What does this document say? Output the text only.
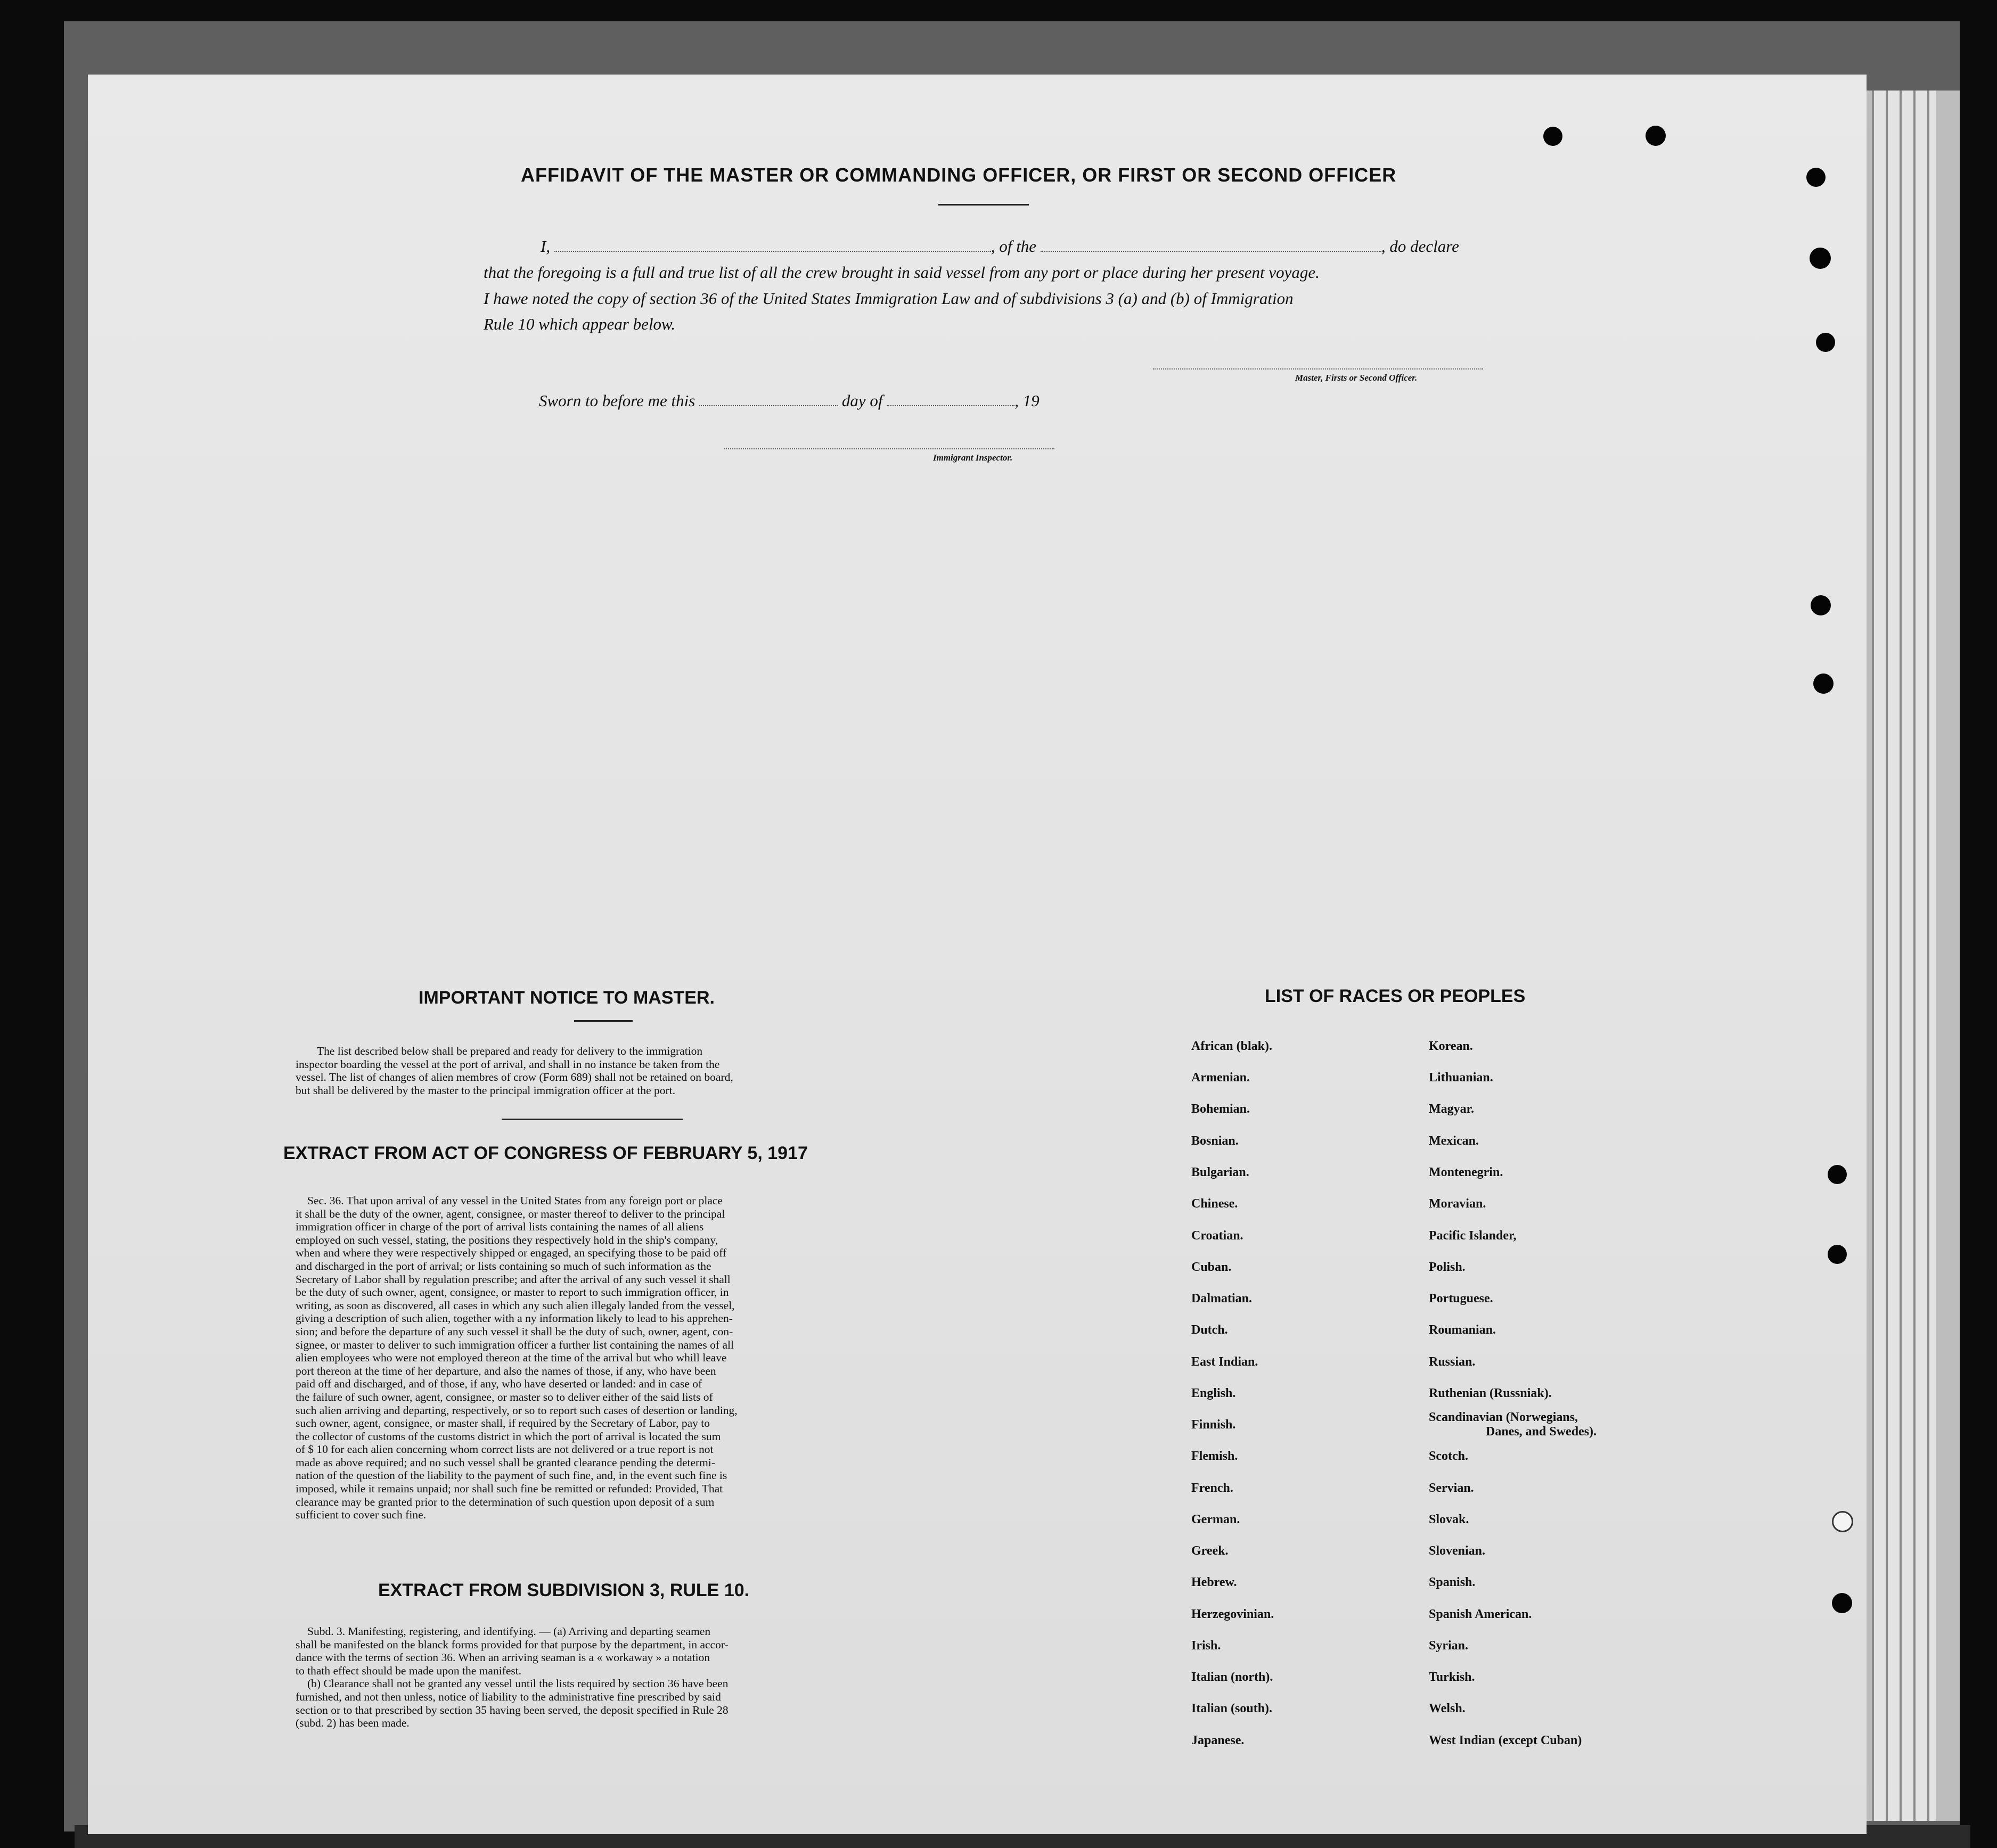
AFFIDAVIT OF THE MASTER OR COMMANDING OFFICER, OR FIRST OR SECOND OFFICER
I,	, of the	, do declare
that the foregoing is a full and true list of all the crew brought in said vessel from any port or place during her present voyage.
I hawe noted the copy of section 36 of the United States Immigration Law and of subdivisions 3 (a) and (b) of Immigration
Rule 10 which appear below.
Master, Firsts or Second Officer.
Sworn to before me this	day of	, 19
Immigrant Inspector.
IMPORTANT NOTICE TO MASTER.
The list described below shall be prepared and ready for delivery to the immigration
inspector boarding the vessel at the port of arrival, and shall in no instance be taken from the
vessel. The list of changes of alien membres of crow (Form 689) shall not be retained on board,
but shall be delivered by the master to the principal immigration officer at the port.
EXTRACT FROM ACT OF CONGRESS OF FEBRUARY 5, 1917
Sec. 36. That upon arrival of any vessel in the United States from any foreign port or place
it shall be the duty of the owner, agent, consignee, or master thereof to deliver to the principal
immigration officer in charge of the port of arrival lists containing the names of all aliens
employed on such vessel, stating, the positions they respectively hold in the ship's company,
when and where they were respectively shipped or engaged, an specifying those to be paid off
and discharged in the port of arrival; or lists containing so much of such information as the
Secretary of Labor shall by regulation prescribe; and after the arrival of any such vessel it shall
be the duty of such owner, agent, consignee, or master to report to such immigration officer, in
writing, as soon as discovered, all cases in which any such alien illegaly landed from the vessel,
giving a description of such alien, together with a ny information likely to lead to his apprehen-
sion; and before the departure of any such vessel it shall be the duty of such, owner, agent, con-
signee, or master to deliver to such immigration officer a further list containing the names of all
alien employees who were not employed thereon at the time of the arrival but who whill leave
port thereon at the time of her departure, and also the names of those, if any, who have been
paid off and discharged, and of those, if any, who have deserted or landed: and in case of
the failure of such owner, agent, consignee, or master so to deliver either of the said lists of
such alien arriving and departing, respectively, or so to report such cases of desertion or landing,
such owner, agent, consignee, or master shall, if required by the Secretary of Labor, pay to
the collector of customs of the customs district in which the port of arrival is located the sum
of $ 10 for each alien concerning whom correct lists are not delivered or a true report is not
made as above required; and no such vessel shall be granted clearance pending the determi-
nation of the question of the liability to the payment of such fine, and, in the event such fine is
imposed, while it remains unpaid; nor shall such fine be remitted or refunded: Provided, That
clearance may be granted prior to the determination of such question upon deposit of a sum
sufficient to cover such fine.
EXTRACT FROM SUBDIVISION 3, RULE 10.
Subd. 3. Manifesting, registering, and identifying. — (a) Arriving and departing seamen
shall be manifested on the blanck forms provided for that purpose by the department, in accor-
dance with the terms of section 36. When an arriving seaman is a « workaway » a notation
to thath effect should be made upon the manifest.
(b) Clearance shall not be granted any vessel until the lists required by section 36 have been
furnished, and not then unless, notice of liability to the administrative fine prescribed by said
section or to that prescribed by section 35 having been served, the deposit specified in Rule 28
(subd. 2) has been made.
LIST OF RACES OR PEOPLES
African (blak).
Armenian.
Bohemian.
Bosnian.
Bulgarian.
Chinese.
Croatian.
Cuban.
Dalmatian.
Dutch.
East Indian.
English.
Finnish.
Flemish.
French.
German.
Greek.
Hebrew.
Herzegovinian.
Irish.
Italian (north).
Italian (south).
Japanese.
Korean.
Lithuanian.
Magyar.
Mexican.
Montenegrin.
Moravian.
Pacific Islander,
Polish.
Portuguese.
Roumanian.
Russian.
Ruthenian (Russniak).
Scandinavian (Norwegians,
Danes, and Swedes).
Scotch.
Servian.
Slovak.
Slovenian.
Spanish.
Spanish American.
Syrian.
Turkish.
Welsh.
West Indian (except Cuban)
